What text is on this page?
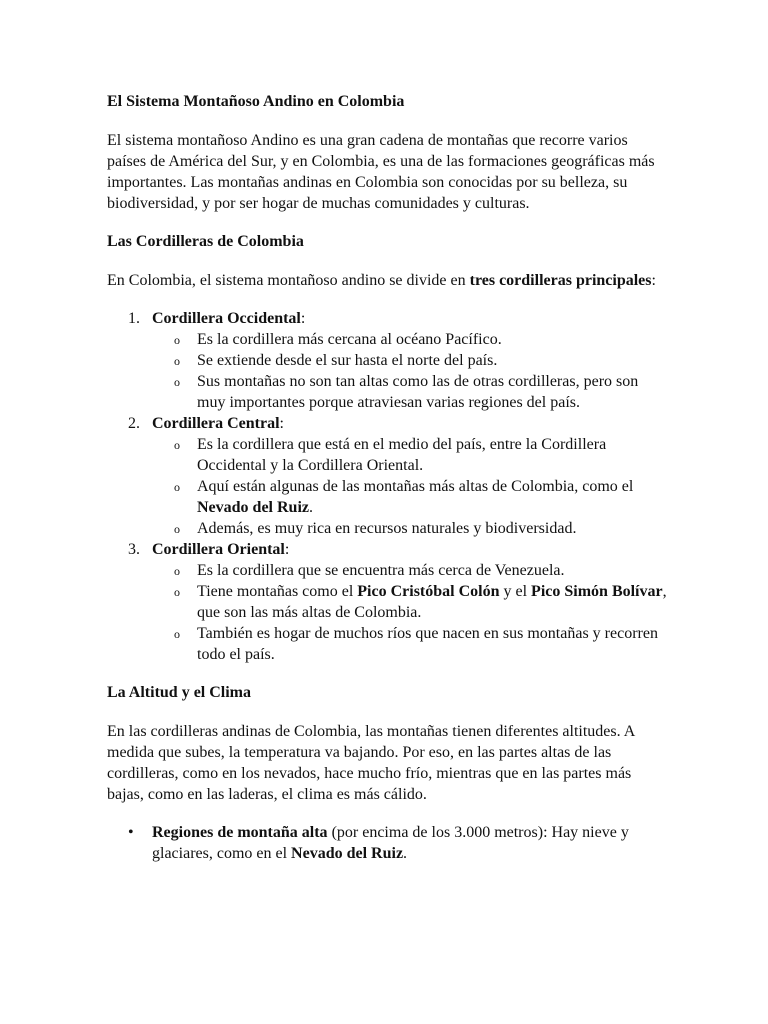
El Sistema Montañoso Andino en Colombia

El sistema montañoso Andino es una gran cadena de montañas que recorre varios países de América del Sur, y en Colombia, es una de las formaciones geográficas más importantes. Las montañas andinas en Colombia son conocidas por su belleza, su biodiversidad, y por ser hogar de muchas comunidades y culturas.

Las Cordilleras de Colombia

En Colombia, el sistema montañoso andino se divide en tres cordilleras principales:

1. Cordillera Occidental:
o Es la cordillera más cercana al océano Pacífico.
o Se extiende desde el sur hasta el norte del país.
o Sus montañas no son tan altas como las de otras cordilleras, pero son muy importantes porque atraviesan varias regiones del país.
2. Cordillera Central:
o Es la cordillera que está en el medio del país, entre la Cordillera Occidental y la Cordillera Oriental.
o Aquí están algunas de las montañas más altas de Colombia, como el Nevado del Ruiz.
o Además, es muy rica en recursos naturales y biodiversidad.
3. Cordillera Oriental:
o Es la cordillera que se encuentra más cerca de Venezuela.
o Tiene montañas como el Pico Cristóbal Colón y el Pico Simón Bolívar, que son las más altas de Colombia.
o También es hogar de muchos ríos que nacen en sus montañas y recorren todo el país.
La Altitud y el Clima

En las cordilleras andinas de Colombia, las montañas tienen diferentes altitudes. A medida que subes, la temperatura va bajando. Por eso, en las partes altas de las cordilleras, como en los nevados, hace mucho frío, mientras que en las partes más bajas, como en las laderas, el clima es más cálido.

• Regiones de montaña alta (por encima de los 3.000 metros): Hay nieve y glaciares, como en el Nevado del Ruiz.
